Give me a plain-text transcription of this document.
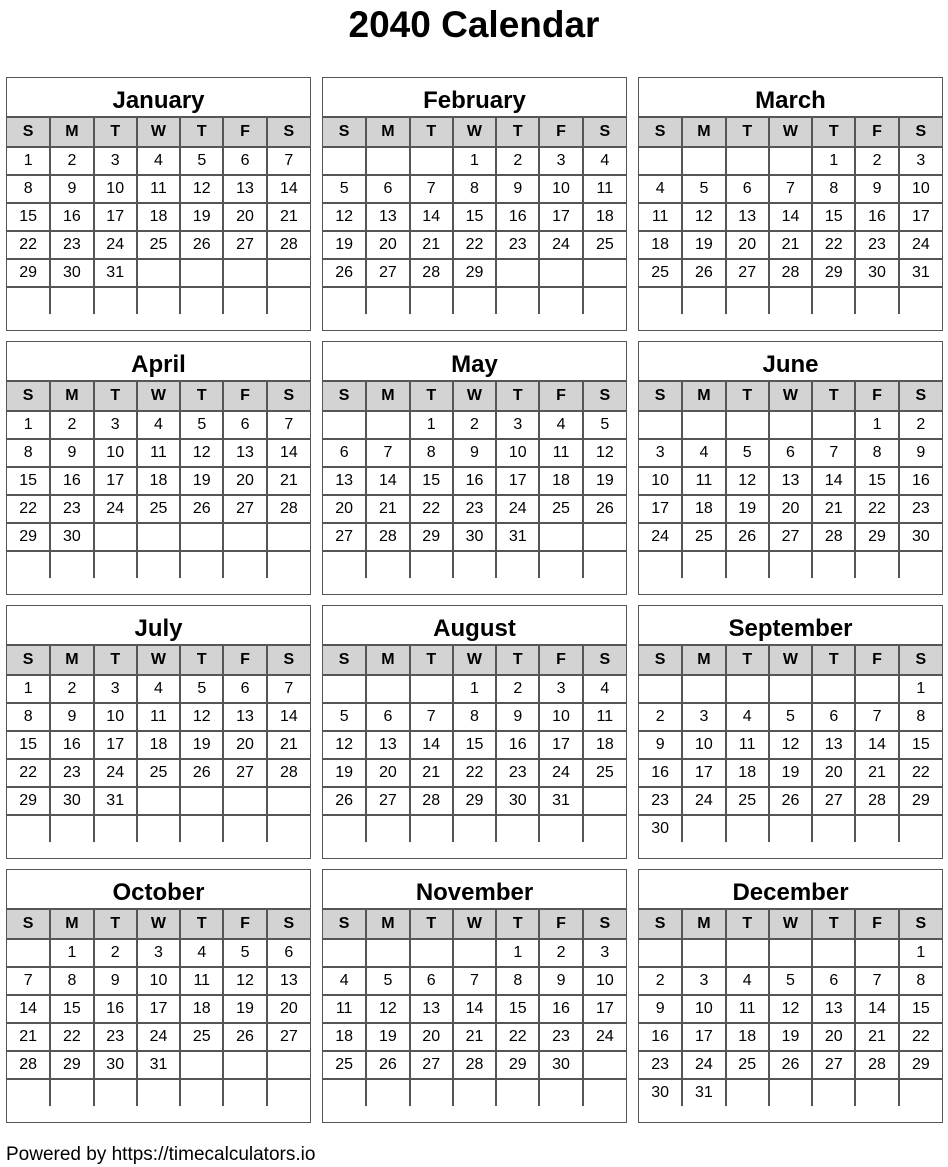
2040 Calendar
January
S	M	T	W	T	F	S
1	2	3	4	5	6	7
8	9	10	11	12	13	14
15	16	17	18	19	20	21
22	23	24	25	26	27	28
29	30	31				

February
S	M	T	W	T	F	S
			1	2	3	4
5	6	7	8	9	10	11
12	13	14	15	16	17	18
19	20	21	22	23	24	25
26	27	28	29			

March
S	M	T	W	T	F	S
				1	2	3
4	5	6	7	8	9	10
11	12	13	14	15	16	17
18	19	20	21	22	23	24
25	26	27	28	29	30	31

April
S	M	T	W	T	F	S
1	2	3	4	5	6	7
8	9	10	11	12	13	14
15	16	17	18	19	20	21
22	23	24	25	26	27	28
29	30					

May
S	M	T	W	T	F	S
		1	2	3	4	5
6	7	8	9	10	11	12
13	14	15	16	17	18	19
20	21	22	23	24	25	26
27	28	29	30	31		

June
S	M	T	W	T	F	S
					1	2
3	4	5	6	7	8	9
10	11	12	13	14	15	16
17	18	19	20	21	22	23
24	25	26	27	28	29	30

July
S	M	T	W	T	F	S
1	2	3	4	5	6	7
8	9	10	11	12	13	14
15	16	17	18	19	20	21
22	23	24	25	26	27	28
29	30	31				

August
S	M	T	W	T	F	S
			1	2	3	4
5	6	7	8	9	10	11
12	13	14	15	16	17	18
19	20	21	22	23	24	25
26	27	28	29	30	31	

September
S	M	T	W	T	F	S
						1
2	3	4	5	6	7	8
9	10	11	12	13	14	15
16	17	18	19	20	21	22
23	24	25	26	27	28	29
30						
October
S	M	T	W	T	F	S
	1	2	3	4	5	6
7	8	9	10	11	12	13
14	15	16	17	18	19	20
21	22	23	24	25	26	27
28	29	30	31			

November
S	M	T	W	T	F	S
				1	2	3
4	5	6	7	8	9	10
11	12	13	14	15	16	17
18	19	20	21	22	23	24
25	26	27	28	29	30	

December
S	M	T	W	T	F	S
						1
2	3	4	5	6	7	8
9	10	11	12	13	14	15
16	17	18	19	20	21	22
23	24	25	26	27	28	29
30	31					
Powered by https://timecalculators.io
